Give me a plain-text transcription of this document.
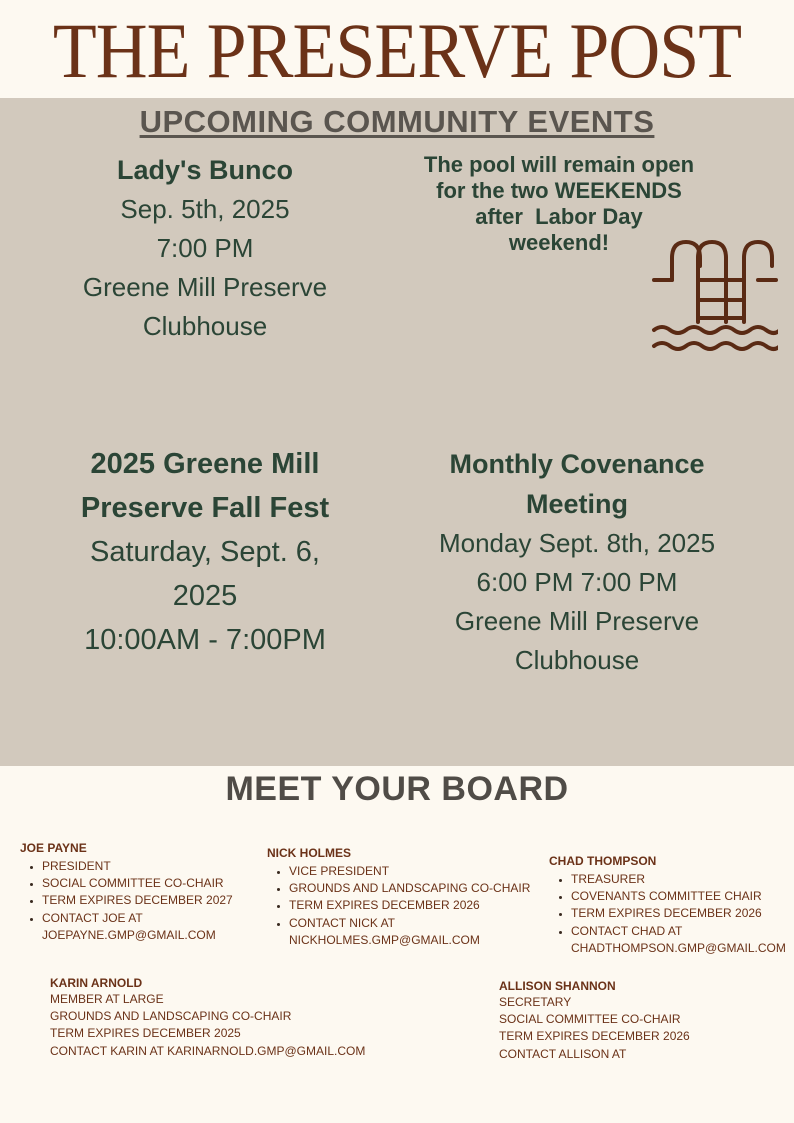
THE PRESERVE POST
UPCOMING COMMUNITY EVENTS
Lady's Bunco
Sep. 5th, 2025
7:00 PM
Greene Mill Preserve
Clubhouse
The pool will remain open
for the two WEEKENDS
after  Labor Day
weekend!
2025 Greene Mill
Preserve Fall Fest
Saturday, Sept. 6,
2025
10:00AM - 7:00PM
Monthly Covenance
Meeting
Monday Sept. 8th, 2025
6:00 PM 7:00 PM
Greene Mill Preserve
Clubhouse
MEET YOUR BOARD
JOE PAYNE
• PRESIDENT
• SOCIAL COMMITTEE CO-CHAIR
• TERM EXPIRES DECEMBER 2027
• CONTACT JOE AT
JOEPAYNE.GMP@GMAIL.COM
NICK HOLMES
• VICE PRESIDENT
• GROUNDS AND LANDSCAPING CO-CHAIR
• TERM EXPIRES DECEMBER 2026
• CONTACT NICK AT
NICKHOLMES.GMP@GMAIL.COM
CHAD THOMPSON
• TREASURER
• COVENANTS COMMITTEE CHAIR
• TERM EXPIRES DECEMBER 2026
• CONTACT CHAD AT
CHADTHOMPSON.GMP@GMAIL.COM
KARIN ARNOLD
MEMBER AT LARGE
GROUNDS AND LANDSCAPING CO-CHAIR
TERM EXPIRES DECEMBER 2025
CONTACT KARIN AT KARINARNOLD.GMP@GMAIL.COM
ALLISON SHANNON
SECRETARY
SOCIAL COMMITTEE CO-CHAIR
TERM EXPIRES DECEMBER 2026
CONTACT ALLISON AT
